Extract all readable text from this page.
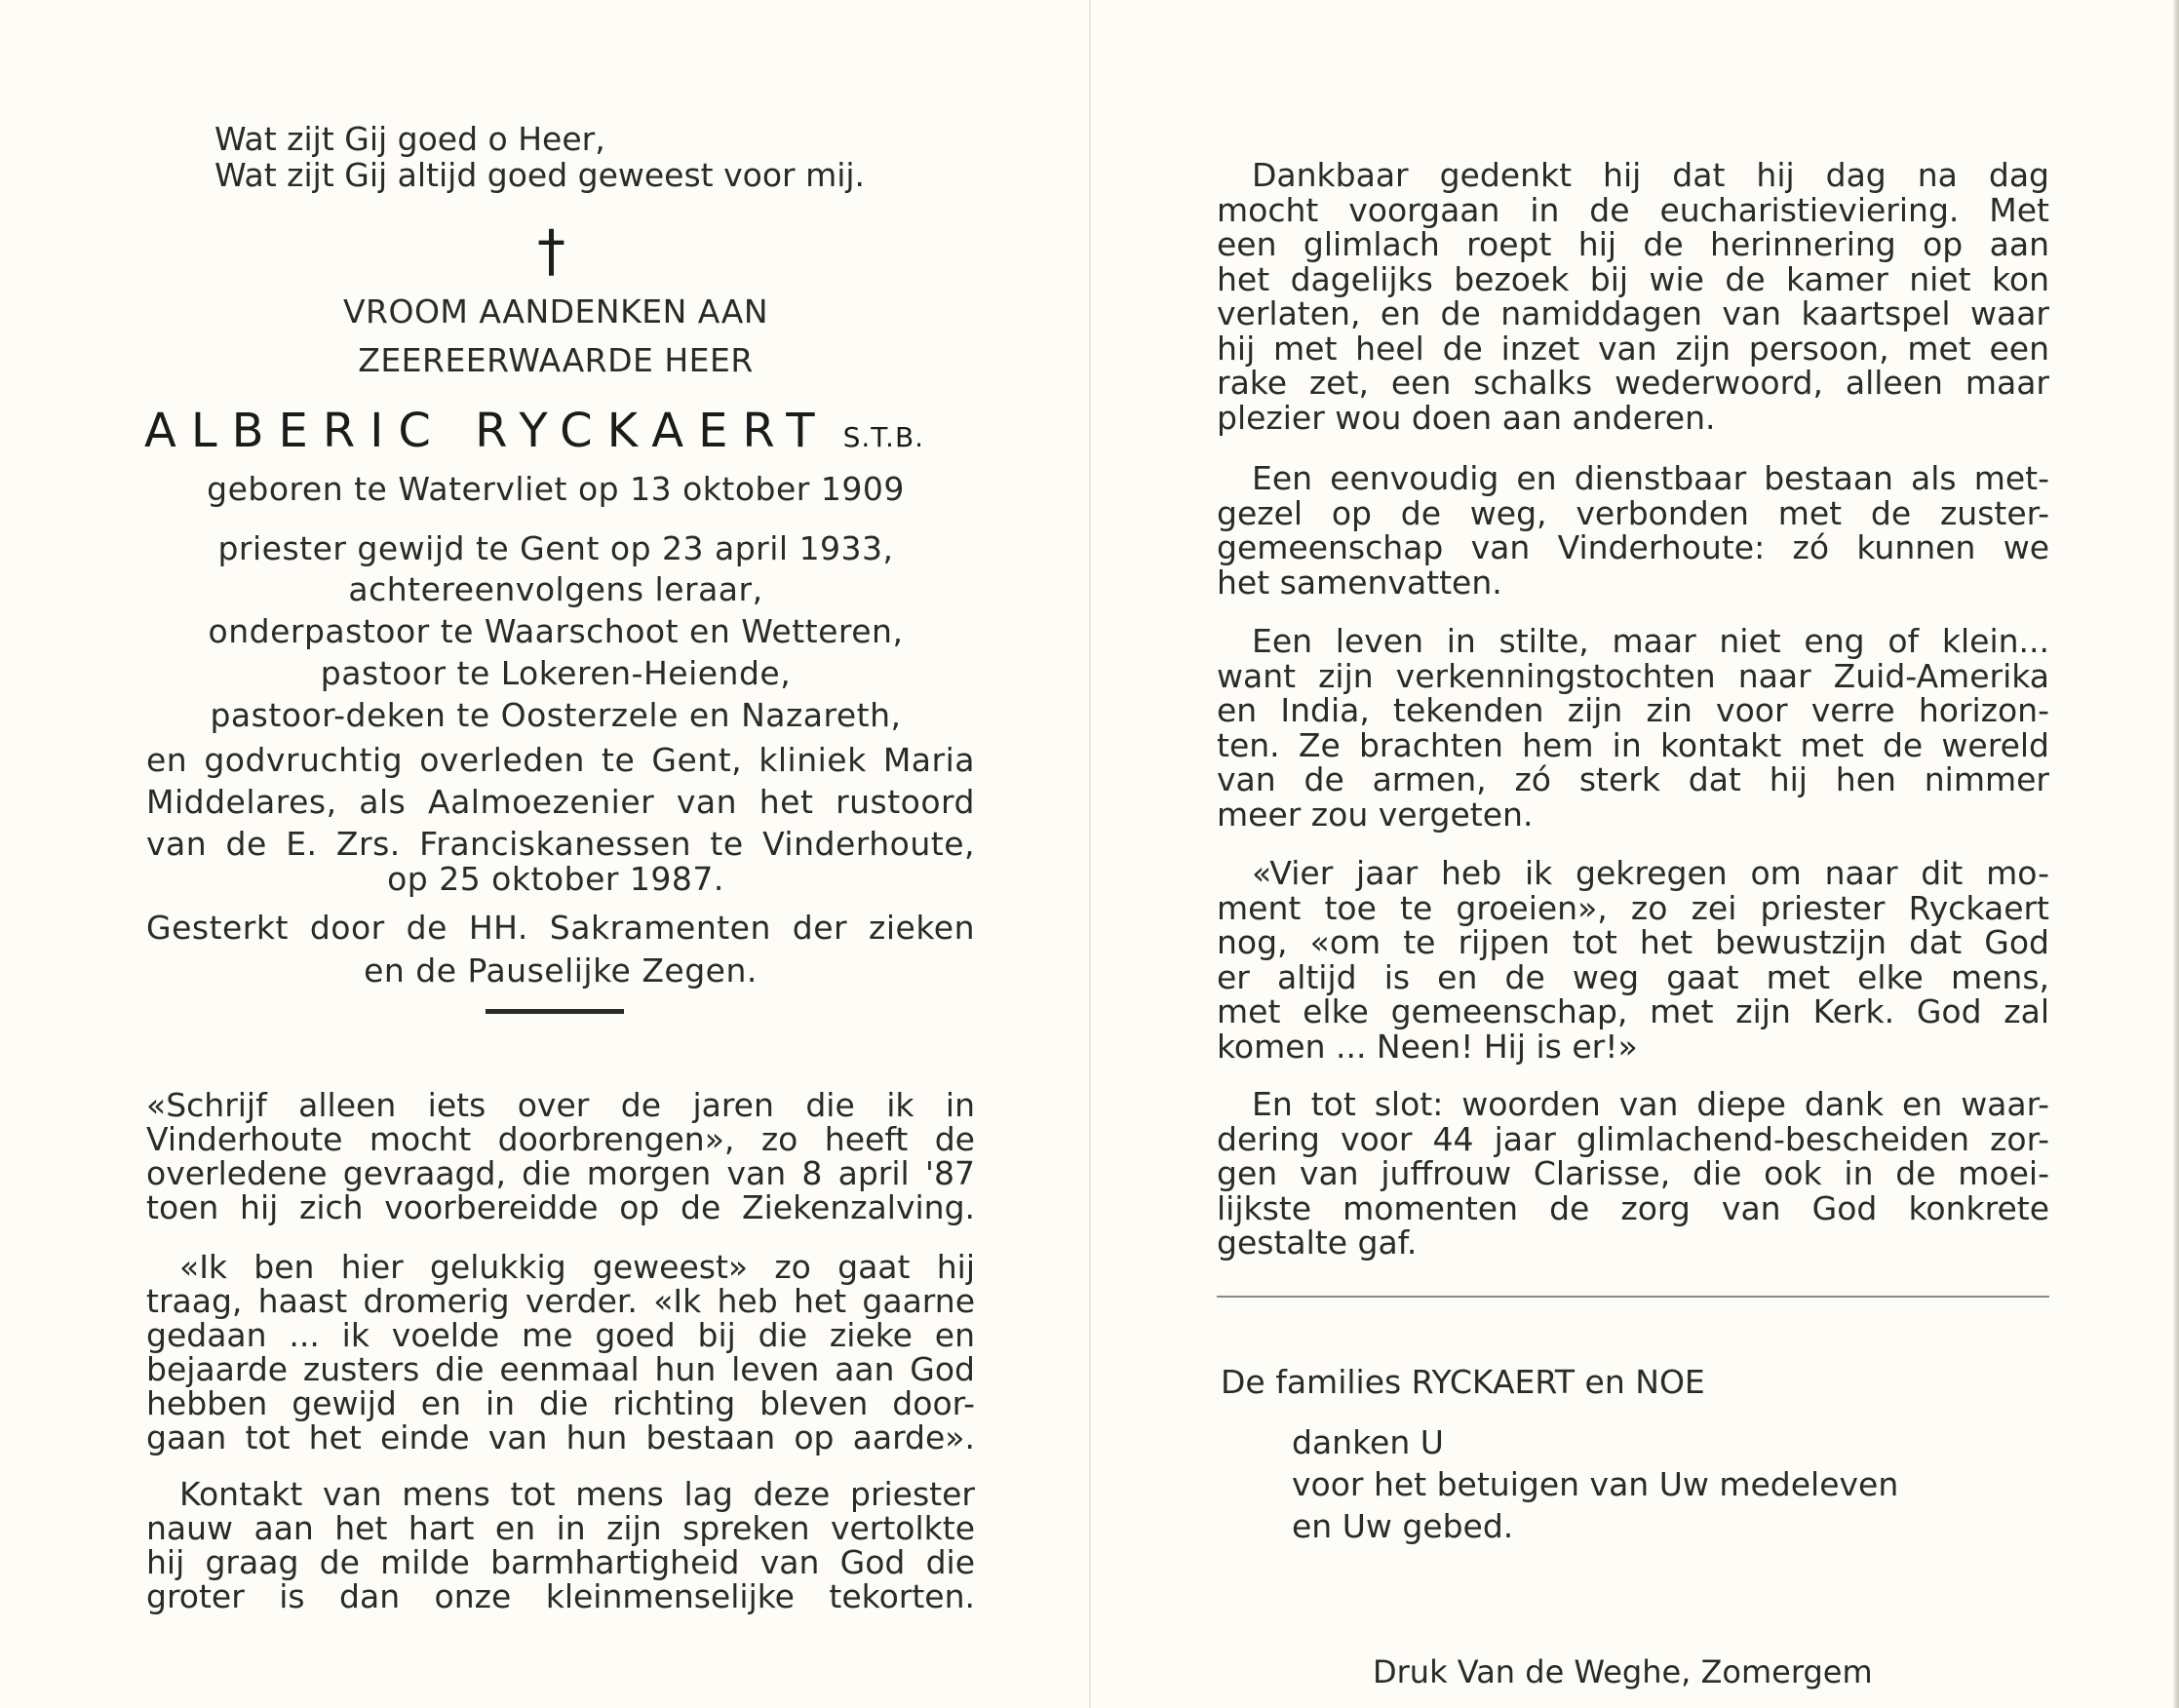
Wat zijt Gij goed o Heer,
Wat zijt Gij altijd goed geweest voor mij.
†
VROOM AANDENKEN AAN
ZEEREERWAARDE HEER
ALBERIC RYCKAERT S.T.B.
geboren te Watervliet op 13 oktober 1909
priester gewijd te Gent op 23 april 1933,
achtereenvolgens leraar,
onderpastoor te Waarschoot en Wetteren,
pastoor te Lokeren-Heiende,
pastoor-deken te Oosterzele en Nazareth,
en godvruchtig overleden te Gent, kliniek Maria
Middelares, als Aalmoezenier van het rustoord
van de E. Zrs. Franciskanessen te Vinderhoute,
op 25 oktober 1987.
Gesterkt door de HH. Sakramenten der zieken
en de Pauselijke Zegen.
«Schrijf alleen iets over de jaren die ik in
Vinderhoute mocht doorbrengen», zo heeft de
overledene gevraagd, die morgen van 8 april '87
toen hij zich voorbereidde op de Ziekenzalving.
«Ik ben hier gelukkig geweest» zo gaat hij
traag, haast dromerig verder. «Ik heb het gaarne
gedaan ... ik voelde me goed bij die zieke en
bejaarde zusters die eenmaal hun leven aan God
hebben gewijd en in die richting bleven door-
gaan tot het einde van hun bestaan op aarde».
Kontakt van mens tot mens lag deze priester
nauw aan het hart en in zijn spreken vertolkte
hij graag de milde barmhartigheid van God die
groter is dan onze kleinmenselijke tekorten.
Dankbaar gedenkt hij dat hij dag na dag
mocht voorgaan in de eucharistieviering. Met
een glimlach roept hij de herinnering op aan
het dagelijks bezoek bij wie de kamer niet kon
verlaten, en de namiddagen van kaartspel waar
hij met heel de inzet van zijn persoon, met een
rake zet, een schalks wederwoord, alleen maar
plezier wou doen aan anderen.
Een eenvoudig en dienstbaar bestaan als met-
gezel op de weg, verbonden met de zuster-
gemeenschap van Vinderhoute: zó kunnen we
het samenvatten.
Een leven in stilte, maar niet eng of klein...
want zijn verkenningstochten naar Zuid-Amerika
en India, tekenden zijn zin voor verre horizon-
ten. Ze brachten hem in kontakt met de wereld
van de armen, zó sterk dat hij hen nimmer
meer zou vergeten.
«Vier jaar heb ik gekregen om naar dit mo-
ment toe te groeien», zo zei priester Ryckaert
nog, «om te rijpen tot het bewustzijn dat God
er altijd is en de weg gaat met elke mens,
met elke gemeenschap, met zijn Kerk. God zal
komen ... Neen! Hij is er!»
En tot slot: woorden van diepe dank en waar-
dering voor 44 jaar glimlachend-bescheiden zor-
gen van juffrouw Clarisse, die ook in de moei-
lijkste momenten de zorg van God konkrete
gestalte gaf.
De families RYCKAERT en NOE
danken U
voor het betuigen van Uw medeleven
en Uw gebed.
Druk Van de Weghe, Zomergem
